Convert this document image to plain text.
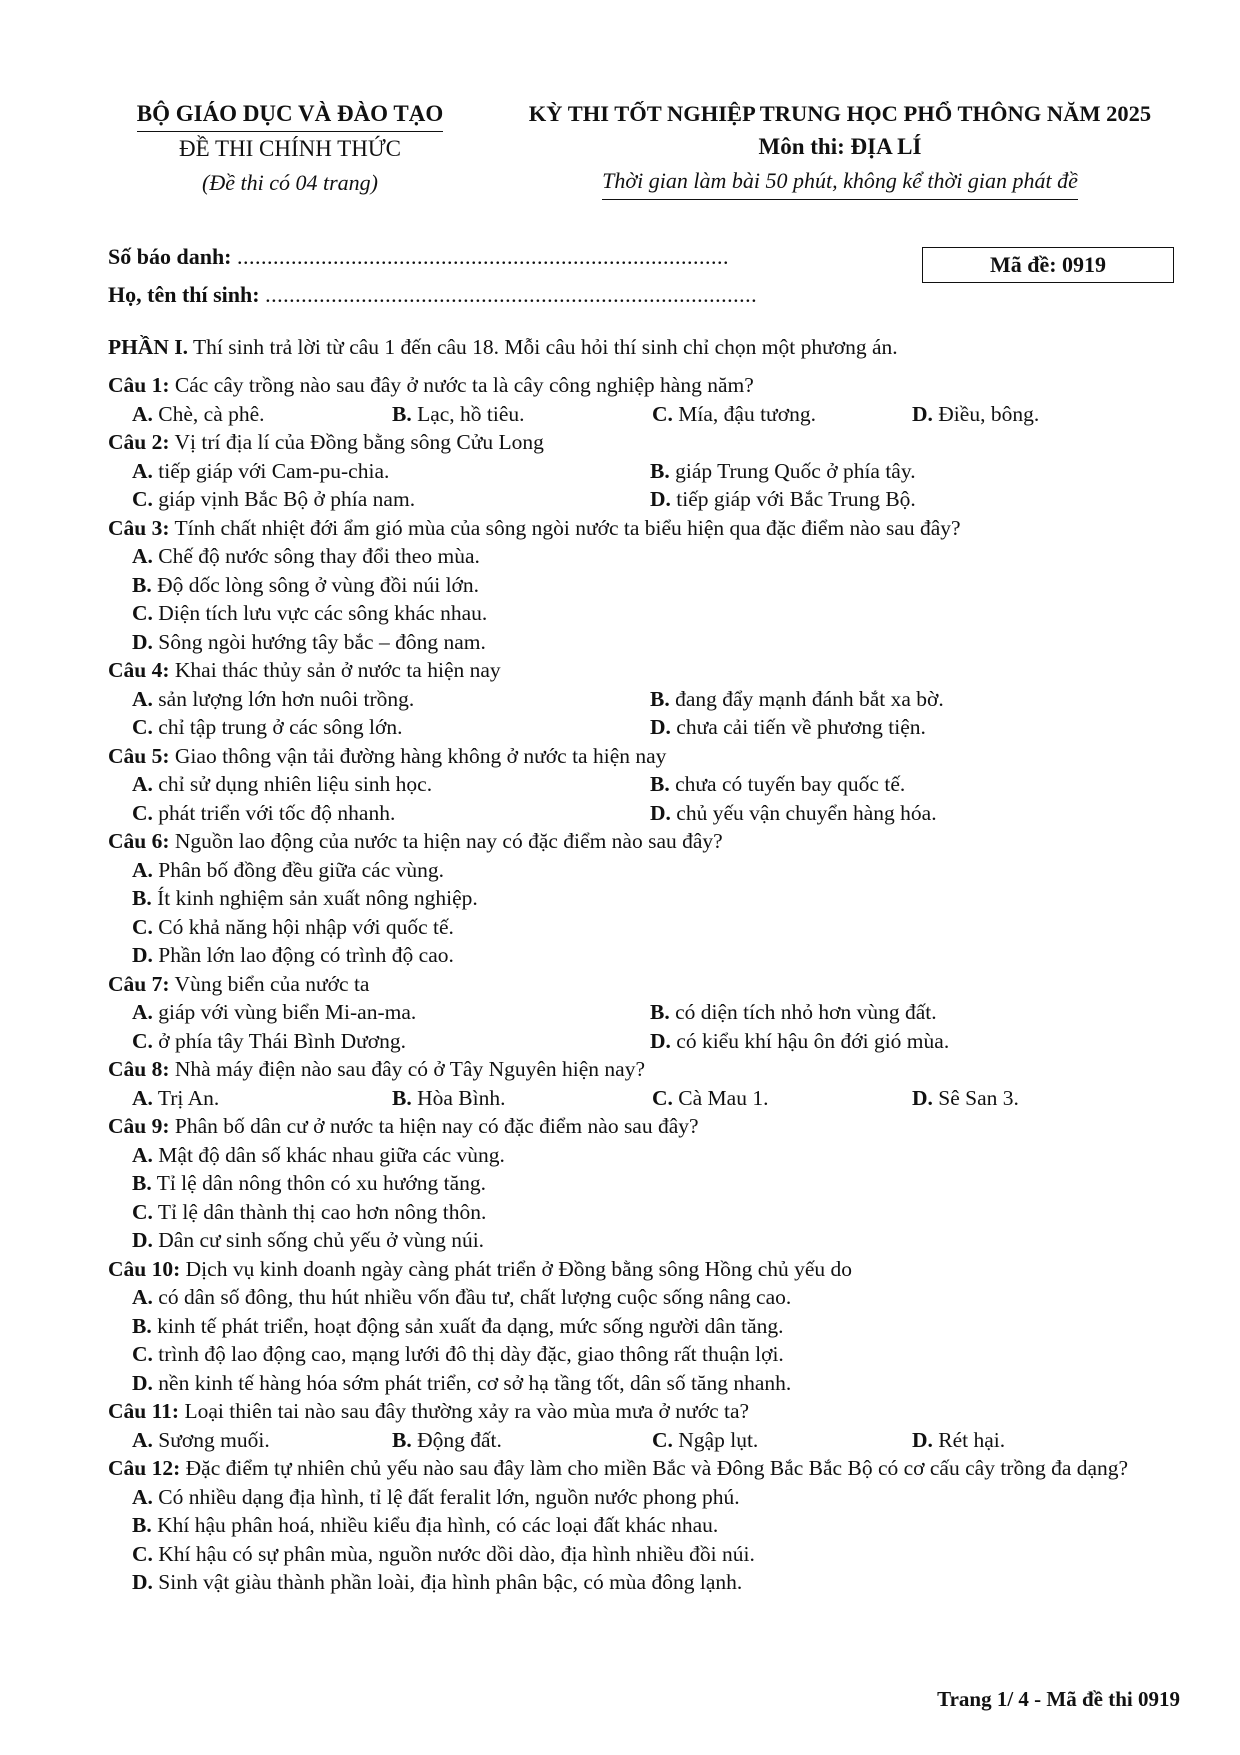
BỘ GIÁO DỤC VÀ ĐÀO TẠO
ĐỀ THI CHÍNH THỨC
(Đề thi có 04 trang)
KỲ THI TỐT NGHIỆP TRUNG HỌC PHỔ THÔNG NĂM 2025
Môn thi: ĐỊA LÍ
Thời gian làm bài 50 phút, không kể thời gian phát đề
Số báo danh: ..................................................................................
Họ, tên thí sinh: ..................................................................................
Mã đề: 0919
PHẦN I. Thí sinh trả lời từ câu 1 đến câu 18. Mỗi câu hỏi thí sinh chỉ chọn một phương án.
Câu 1: Các cây trồng nào sau đây ở nước ta là cây công nghiệp hàng năm?
A. Chè, cà phê.	B. Lạc, hồ tiêu.	C. Mía, đậu tương.	D. Điều, bông.
Câu 2: Vị trí địa lí của Đồng bằng sông Cửu Long
A. tiếp giáp với Cam-pu-chia.	B. giáp Trung Quốc ở phía tây.
C. giáp vịnh Bắc Bộ ở phía nam.	D. tiếp giáp với Bắc Trung Bộ.
Câu 3: Tính chất nhiệt đới ẩm gió mùa của sông ngòi nước ta biểu hiện qua đặc điểm nào sau đây?
A. Chế độ nước sông thay đổi theo mùa.
B. Độ dốc lòng sông ở vùng đồi núi lớn.
C. Diện tích lưu vực các sông khác nhau.
D. Sông ngòi hướng tây bắc – đông nam.
Câu 4: Khai thác thủy sản ở nước ta hiện nay
A. sản lượng lớn hơn nuôi trồng.	B. đang đẩy mạnh đánh bắt xa bờ.
C. chỉ tập trung ở các sông lớn.	D. chưa cải tiến về phương tiện.
Câu 5: Giao thông vận tải đường hàng không ở nước ta hiện nay
A. chỉ sử dụng nhiên liệu sinh học.	B. chưa có tuyến bay quốc tế.
C. phát triển với tốc độ nhanh.	D. chủ yếu vận chuyển hàng hóa.
Câu 6: Nguồn lao động của nước ta hiện nay có đặc điểm nào sau đây?
A. Phân bố đồng đều giữa các vùng.
B. Ít kinh nghiệm sản xuất nông nghiệp.
C. Có khả năng hội nhập với quốc tế.
D. Phần lớn lao động có trình độ cao.
Câu 7: Vùng biển của nước ta
A. giáp với vùng biển Mi-an-ma.	B. có diện tích nhỏ hơn vùng đất.
C. ở phía tây Thái Bình Dương.	D. có kiểu khí hậu ôn đới gió mùa.
Câu 8: Nhà máy điện nào sau đây có ở Tây Nguyên hiện nay?
A. Trị An.	B. Hòa Bình.	C. Cà Mau 1.	D. Sê San 3.
Câu 9: Phân bố dân cư ở nước ta hiện nay có đặc điểm nào sau đây?
A. Mật độ dân số khác nhau giữa các vùng.
B. Tỉ lệ dân nông thôn có xu hướng tăng.
C. Tỉ lệ dân thành thị cao hơn nông thôn.
D. Dân cư sinh sống chủ yếu ở vùng núi.
Câu 10: Dịch vụ kinh doanh ngày càng phát triển ở Đồng bằng sông Hồng chủ yếu do
A. có dân số đông, thu hút nhiều vốn đầu tư, chất lượng cuộc sống nâng cao.
B. kinh tế phát triển, hoạt động sản xuất đa dạng, mức sống người dân tăng.
C. trình độ lao động cao, mạng lưới đô thị dày đặc, giao thông rất thuận lợi.
D. nền kinh tế hàng hóa sớm phát triển, cơ sở hạ tầng tốt, dân số tăng nhanh.
Câu 11: Loại thiên tai nào sau đây thường xảy ra vào mùa mưa ở nước ta?
A. Sương muối.	B. Động đất.	C. Ngập lụt.	D. Rét hại.
Câu 12: Đặc điểm tự nhiên chủ yếu nào sau đây làm cho miền Bắc và Đông Bắc Bắc Bộ có cơ cấu cây trồng đa dạng?
A. Có nhiều dạng địa hình, tỉ lệ đất feralit lớn, nguồn nước phong phú.
B. Khí hậu phân hoá, nhiều kiểu địa hình, có các loại đất khác nhau.
C. Khí hậu có sự phân mùa, nguồn nước dồi dào, địa hình nhiều đồi núi.
D. Sinh vật giàu thành phần loài, địa hình phân bậc, có mùa đông lạnh.
Trang 1/ 4 - Mã đề thi 0919
